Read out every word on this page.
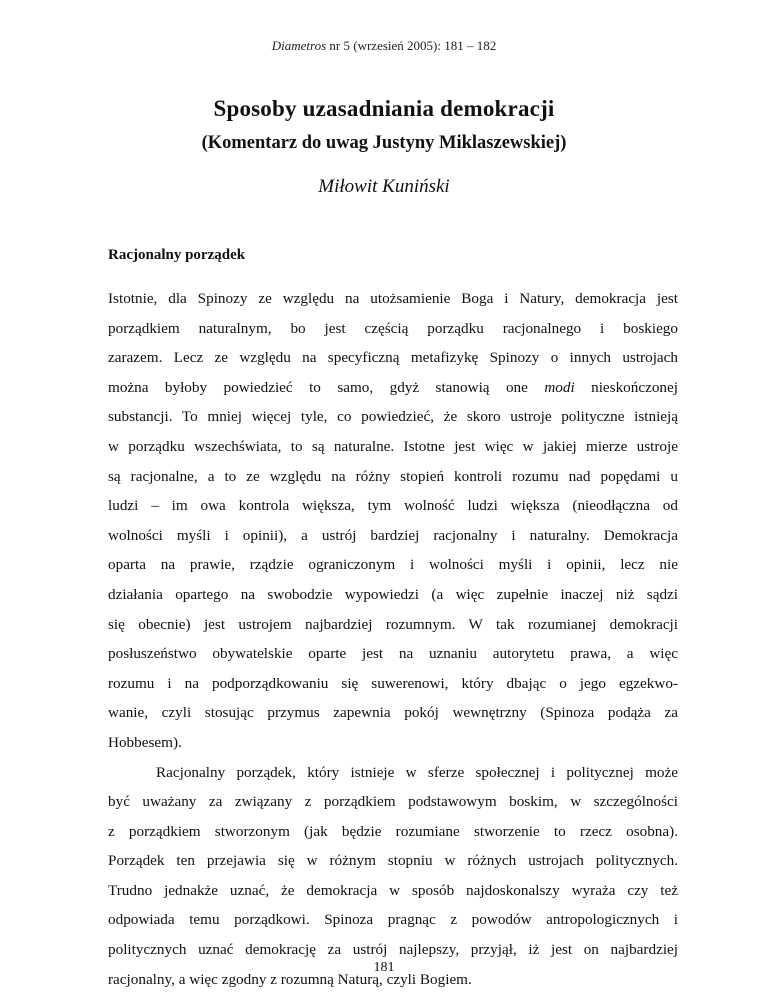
Diametros nr 5 (wrzesień 2005): 181 – 182
Sposoby uzasadniania demokracji
(Komentarz do uwag Justyny Miklaszewskiej)
Miłowit Kuniński
Racjonalny porządek

Istotnie, dla Spinozy ze względu na utożsamienie Boga i Natury, demokracja jest
porządkiem naturalnym, bo jest częścią porządku racjonalnego i boskiego
zarazem. Lecz ze względu na specyficzną metafizykę Spinozy o innych ustrojach
można byłoby powiedzieć to samo, gdyż stanowią one modi nieskończonej
substancji. To mniej więcej tyle, co powiedzieć, że skoro ustroje polityczne istnieją
w porządku wszechświata, to są naturalne. Istotne jest więc w jakiej mierze ustroje
są racjonalne, a to ze względu na różny stopień kontroli rozumu nad popędami u
ludzi – im owa kontrola większa, tym wolność ludzi większa (nieodłączna od
wolności myśli i opinii), a ustrój bardziej racjonalny i naturalny. Demokracja
oparta na prawie, rządzie ograniczonym i wolności myśli i opinii, lecz nie
działania opartego na swobodzie wypowiedzi (a więc zupełnie inaczej niż sądzi
się obecnie) jest ustrojem najbardziej rozumnym. W tak rozumianej demokracji
posłuszeństwo obywatelskie oparte jest na uznaniu autorytetu prawa, a więc
rozumu i na podporządkowaniu się suwerenowi, który dbając o jego egzekwo-
wanie, czyli stosując przymus zapewnia pokój wewnętrzny (Spinoza podąża za
Hobbesem).

Racjonalny porządek, który istnieje w sferze społecznej i politycznej może
być uważany za związany z porządkiem podstawowym boskim, w szczególności
z porządkiem stworzonym (jak będzie rozumiane stworzenie to rzecz osobna).
Porządek ten przejawia się w różnym stopniu w różnych ustrojach politycznych.
Trudno jednakże uznać, że demokracja w sposób najdoskonalszy wyraża czy też
odpowiada temu porządkowi. Spinoza pragnąc z powodów antropologicznych i
politycznych uznać demokrację za ustrój najlepszy, przyjął, iż jest on najbardziej
racjonalny, a więc zgodny z rozumną Naturą, czyli Bogiem.

181
